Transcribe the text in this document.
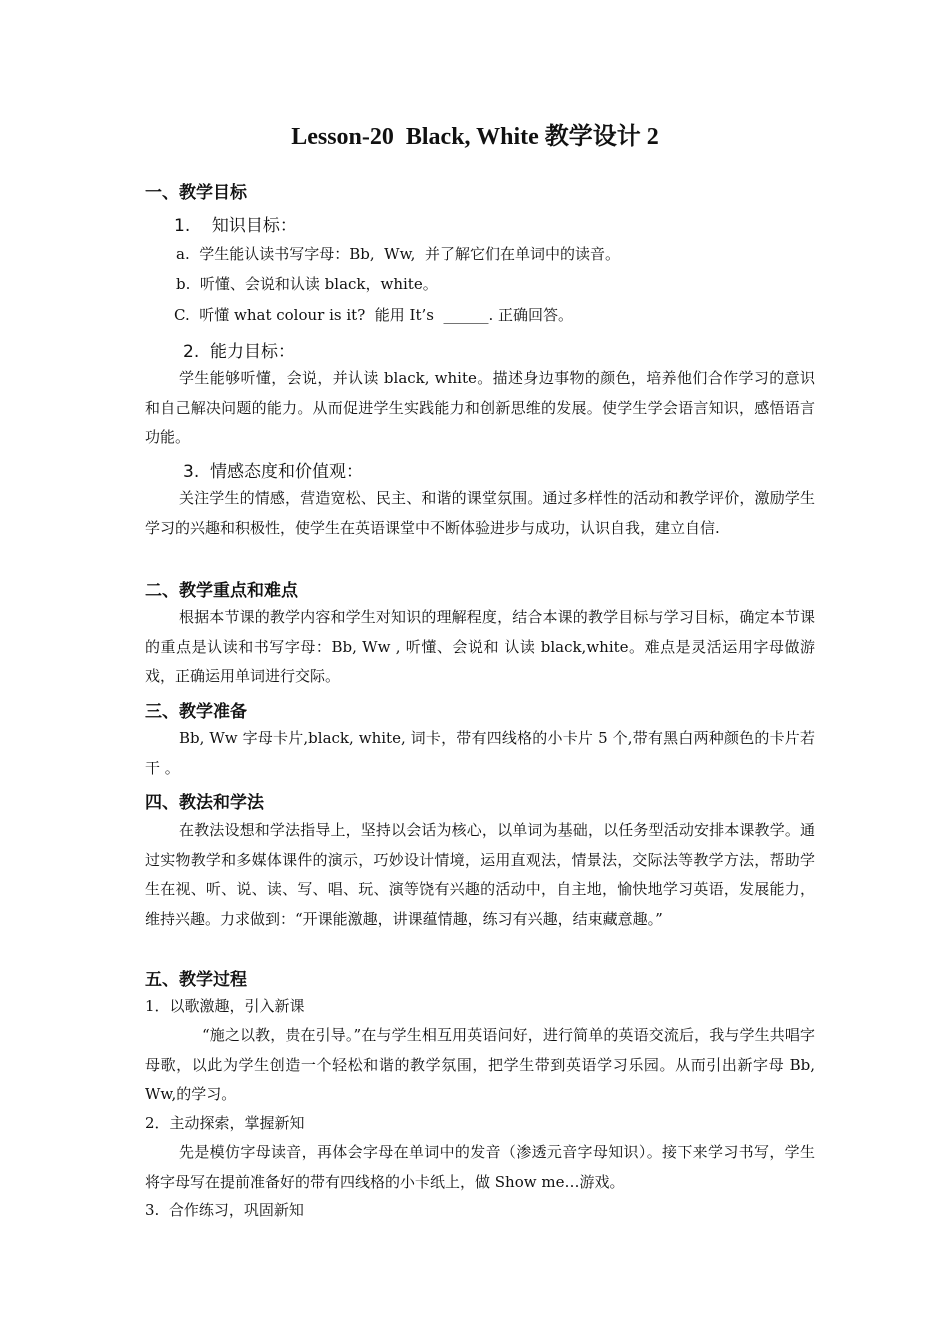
Lesson-20  Black, White 教学设计 2
一、教学目标
1.    知识目标：
a.  学生能认读书写字母：Bb,  Ww,  并了解它们在单词中的读音。
b.  听懂、会说和认读 black，white。
C.  听懂 what colour is it?  能用 It’s  ______. 正确回答。
2.  能力目标：

学生能够听懂，会说，并认读 black, white。描述身边事物的颜色，培养他们合作学习的意识和自己解决问题的能力。从而促进学生实践能力和创新思维的发展。使学生学会语言知识，感悟语言功能。

3.  情感态度和价值观：

关注学生的情感，营造宽松、民主、和谐的课堂氛围。通过多样性的活动和教学评价，激励学生学习的兴趣和积极性，使学生在英语课堂中不断体验进步与成功，认识自我，建立自信.

二、教学重点和难点

根据本节课的教学内容和学生对知识的理解程度，结合本课的教学目标与学习目标，确定本节课的重点是认读和书写字母：Bb, Ww , 听懂、会说和 认读 black,white。难点是灵活运用字母做游戏，正确运用单词进行交际。

三、教学准备

Bb, Ww 字母卡片,black, white, 词卡，带有四线格的小卡片 5 个,带有黑白两种颜色的卡片若干 。

四、教法和学法

在教法设想和学法指导上，坚持以会话为核心，以单词为基础，以任务型活动安排本课教学。通过实物教学和多媒体课件的演示，巧妙设计情境，运用直观法，情景法，交际法等教学方法，帮助学生在视、听、说、读、写、唱、玩、演等饶有兴趣的活动中，自主地，愉快地学习英语，发展能力，维持兴趣。力求做到：“开课能激趣，讲课蕴情趣，练习有兴趣，结束藏意趣。”

五、教学过程
1．以歌激趣，引入新课

“施之以教，贵在引导。”在与学生相互用英语问好，进行简单的英语交流后，我与学生共唱字母歌，以此为学生创造一个轻松和谐的教学氛围，把学生带到英语学习乐园。从而引出新字母 Bb, Ww,的学习。

2．主动探索，掌握新知

先是模仿字母读音，再体会字母在单词中的发音（渗透元音字母知识）。接下来学习书写，学生将字母写在提前准备好的带有四线格的小卡纸上，做 Show me…游戏。

3.  合作练习，巩固新知
